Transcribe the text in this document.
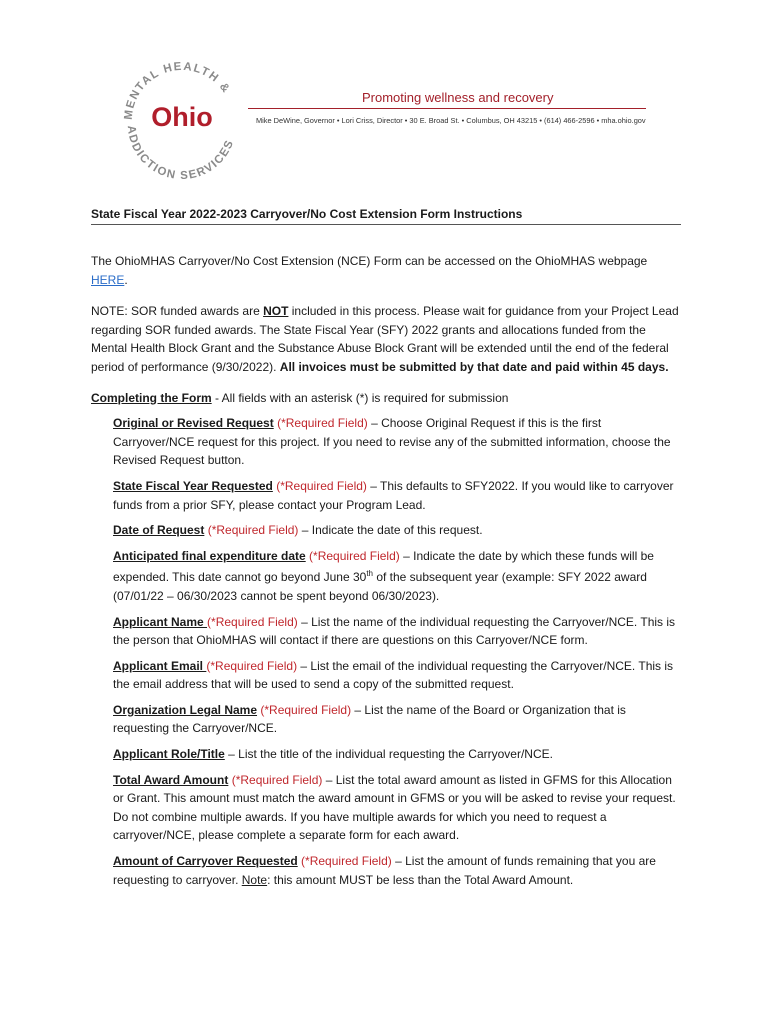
MENTAL HEALTH &
ADDICTION SERVICES
Ohio
Promoting wellness and recovery
Mike DeWine, Governor • Lori Criss, Director • 30 E. Broad St. • Columbus, OH 43215 • (614) 466-2596 • mha.ohio.gov
State Fiscal Year 2022-2023 Carryover/No Cost Extension Form Instructions

The OhioMHAS Carryover/No Cost Extension (NCE) Form can be accessed on the OhioMHAS webpage HERE.

NOTE: SOR funded awards are NOT included in this process. Please wait for guidance from your Project Lead regarding SOR funded awards. The State Fiscal Year (SFY) 2022 grants and allocations funded from the Mental Health Block Grant and the Substance Abuse Block Grant will be extended until the end of the federal period of performance (9/30/2022). All invoices must be submitted by that date and paid within 45 days.

Completing the Form - All fields with an asterisk (*) is required for submission

Original or Revised Request (*Required Field) – Choose Original Request if this is the first Carryover/NCE request for this project. If you need to revise any of the submitted information, choose the Revised Request button.

State Fiscal Year Requested (*Required Field) – This defaults to SFY2022. If you would like to carryover funds from a prior SFY, please contact your Program Lead.

Date of Request (*Required Field) – Indicate the date of this request.

Anticipated final expenditure date (*Required Field) – Indicate the date by which these funds will be expended. This date cannot go beyond June 30th of the subsequent year (example: SFY 2022 award (07/01/22 – 06/30/2023 cannot be spent beyond 06/30/2023).

Applicant Name (*Required Field) – List the name of the individual requesting the Carryover/NCE. This is the person that OhioMHAS will contact if there are questions on this Carryover/NCE form.

Applicant Email (*Required Field) – List the email of the individual requesting the Carryover/NCE. This is the email address that will be used to send a copy of the submitted request.

Organization Legal Name (*Required Field) – List the name of the Board or Organization that is requesting the Carryover/NCE.

Applicant Role/Title – List the title of the individual requesting the Carryover/NCE.

Total Award Amount (*Required Field) – List the total award amount as listed in GFMS for this Allocation or Grant. This amount must match the award amount in GFMS or you will be asked to revise your request. Do not combine multiple awards. If you have multiple awards for which you need to request a carryover/NCE, please complete a separate form for each award.

Amount of Carryover Requested (*Required Field) – List the amount of funds remaining that you are requesting to carryover. Note: this amount MUST be less than the Total Award Amount.
